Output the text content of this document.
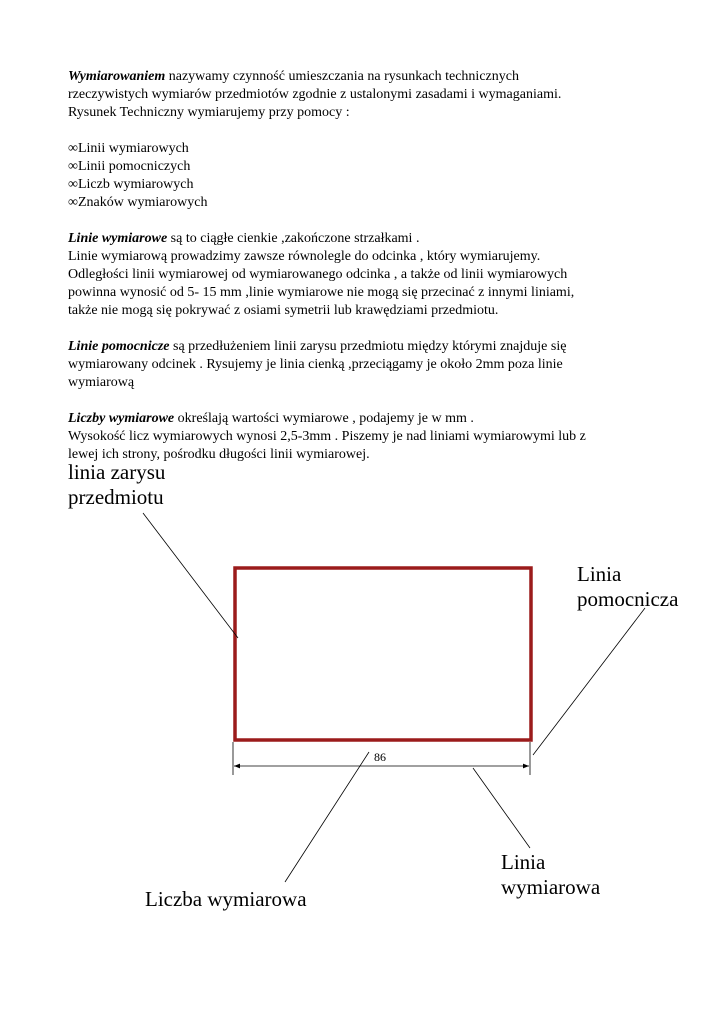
Wymiarowaniem nazywamy czynność umieszczania na rysunkach technicznych

rzeczywistych wymiarów przedmiotów zgodnie z ustalonymi zasadami i wymaganiami.

Rysunek Techniczny wymiarujemy przy pomocy :

∞Linii wymiarowych

∞Linii pomocniczych

∞Liczb wymiarowych

∞Znaków wymiarowych

Linie wymiarowe są to ciągłe cienkie ,zakończone strzałkami .

Linie wymiarową prowadzimy zawsze równolegle do odcinka , który wymiarujemy.

Odległości linii wymiarowej od wymiarowanego odcinka , a także od linii wymiarowych

powinna wynosić od 5- 15 mm ,linie wymiarowe nie mogą się przecinać z innymi liniami,

także nie mogą się pokrywać z osiami symetrii lub krawędziami przedmiotu.

Linie pomocnicze są przedłużeniem linii zarysu przedmiotu między którymi znajduje się

wymiarowany odcinek . Rysujemy je linia cienką ,przeciągamy je około 2mm poza linie

wymiarową

Liczby wymiarowe określają wartości wymiarowe , podajemy je w mm .

Wysokość licz wymiarowych wynosi 2,5-3mm . Piszemy je nad liniami wymiarowymi lub z

lewej ich strony, pośrodku długości linii wymiarowej.

86
linia zarysu
przedmiotu
Linia
pomocnicza
Linia
wymiarowa
Liczba wymiarowa
